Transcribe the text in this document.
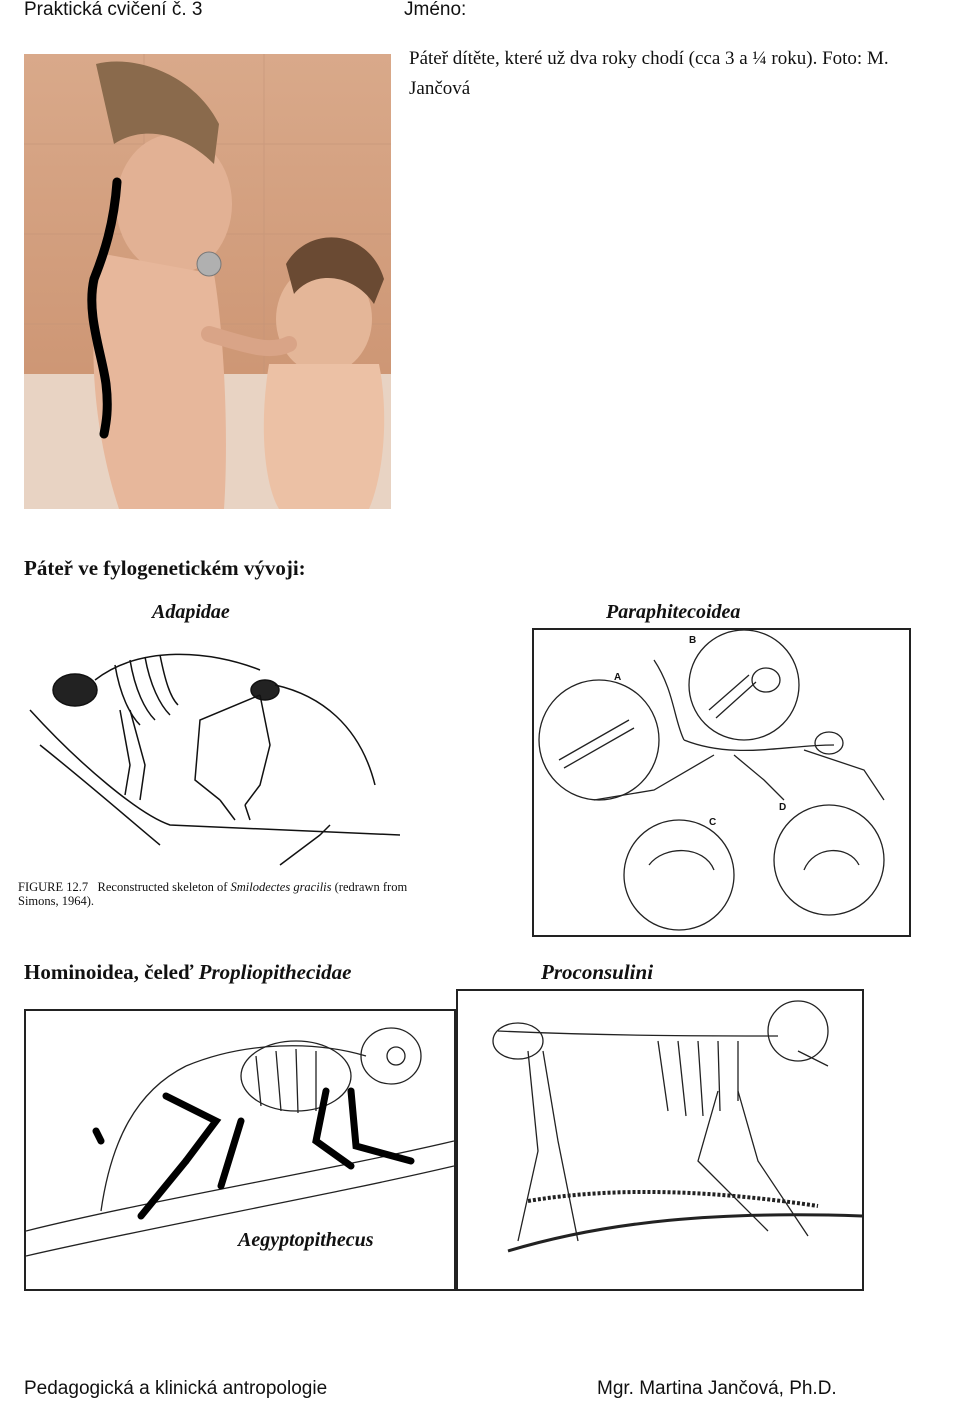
Praktická cvičení č. 3	Jméno:
Páteř dítěte, které už dva roky chodí (cca 3 a ¼ roku). Foto: M. Jančová
Páteř ve fylogenetickém vývoji:
Adapidae	Paraphitecoidea
FIGURE 12.7 Reconstructed skeleton of Smilodectes gracilis (redrawn from
Simons, 1964).
A
B
C
D
Hominoidea, čeleď Propliopithecidae	Proconsulini
Aegyptopithecus
Pedagogická a klinická antropologie	Mgr. Martina Jančová, Ph.D.
